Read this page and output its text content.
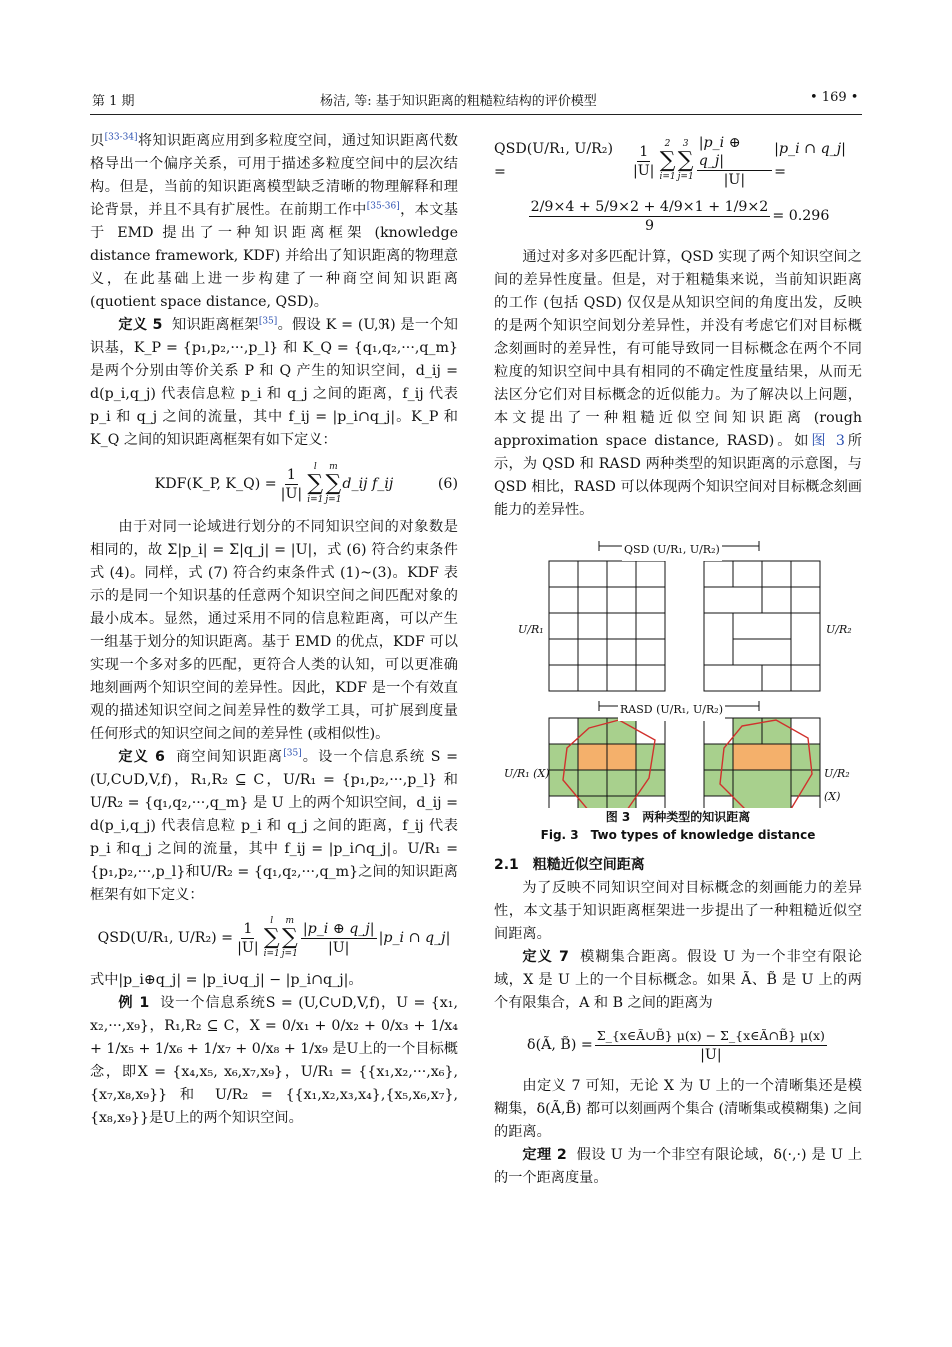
第 1 期	杨洁, 等: 基于知识距离的粗糙粒结构的评价模型	• 169 •

贝[33-34]将知识距离应用到多粒度空间，通过知识距离代数格导出一个偏序关系，可用于描述多粒度空间中的层次结构。但是，当前的知识距离模型缺乏清晰的物理解释和理论背景，并且不具有扩展性。在前期工作中[35-36]，本文基于 EMD 提出了一种知识距离框架 (knowledge distance framework, KDF) 并给出了知识距离的物理意义，在此基础上进一步构建了一种商空间知识距离 (quotient space distance, QSD)。

定义 5 知识距离框架[35]。假设 K = (U,ℜ) 是一个知识基，K_P = {p₁,p₂,···,p_l} 和 K_Q = {q₁,q₂,···,q_m} 是两个分别由等价关系 P 和 Q 产生的知识空间，d_ij = d(p_i,q_j) 代表信息粒 p_i 和 q_j 之间的距离，f_ij 代表 p_i 和 q_j 之间的流量，其中 f_ij = |p_i∩q_j|。K_P 和 K_Q 之间的知识距离框架有如下定义：

KDF(K_P, K_Q) = $\frac{1}{|U|}$ l
∑
i=1
m
∑
j=1
d_ij f_ij	(6)

由于对同一论域进行划分的不同知识空间的对象数是相同的，故 Σ|p_i| = Σ|q_j| = |U|，式 (6) 符合约束条件式 (4)。同样，式 (7) 符合约束条件式 (1)~(3)。KDF 表示的是同一个知识基的任意两个知识空间之间匹配对象的最小成本。显然，通过采用不同的信息粒距离，可以产生一组基于划分的知识距离。基于 EMD 的优点，KDF 可以实现一个多对多的匹配，更符合人类的认知，可以更准确地刻画两个知识空间的差异性。因此，KDF 是一个有效直观的描述知识空间之间差异性的数学工具，可扩展到度量任何形式的知识空间之间的差异性 (或相似性)。

定义 6 商空间知识距离[35]。设一个信息系统 S = (U,C∪D,V,f)，R₁,R₂ ⊆ C，U/R₁ = {p₁,p₂,···,p_l} 和 U/R₂ = {q₁,q₂,···,q_m} 是 U 上的两个知识空间，d_ij = d(p_i,q_j) 代表信息粒 p_i 和 q_j 之间的距离，f_ij 代表 p_i 和q_j 之间的流量，其中 f_ij = |p_i∩q_j|。U/R₁ = {p₁,p₂,···,p_l}和U/R₂ = {q₁,q₂,···,q_m}之间的知识距离框架有如下定义：

QSD(U/R₁, $U/R_2) = \frac{1}{|U|}$ l
∑
i=1
m
∑
$j=1 \frac{|p\_i \oplus q\_j|}{|U|}$ |p_i ∩ q_j|

式中|p_i⊕q_j| = |p_i∪q_j| − |p_i∩q_j|。

例 1 设一个信息系统S = (U,C∪D,V,f)，U = {x₁, x₂,···,x₉}，R₁,R₂ ⊆ C，X = 0/x₁ + 0/x₂ + 0/x₃ + 1/x₄ + 1/x₅ + 1/x₆ + 1/x₇ + 0/x₈ + 1/x₉ 是U上的一个目标概念，即X = {x₄,x₅, x₆,x₇,x₉}，U/R₁ = {{x₁,x₂,···,x₆},{x₇,x₈,x₉}} 和 U/R₂ = {{x₁,x₂,x₃,x₄},{x₅,x₆,x₇},{x₈,x₉}}是U上的两个知识空间。

QSD(U/R₁, U/R₂) =	$\frac{1}{|U|} 2$
∑
i=1
3
∑
$j=1 \frac{|p\_i \oplus q\_j|}{|U|}$ |p_i ∩ q_j| =
$\frac{2/9\times 4 + 5/9\times 2 + 4/9\times 1 + 1/9\times 2}{9} = 0.296$

通过对多对多匹配计算，QSD 实现了两个知识空间之间的差异性度量。但是，对于粗糙集来说，当前知识距离的工作 (包括 QSD) 仅仅是从知识空间的角度出发，反映的是两个知识空间划分差异性，并没有考虑它们对目标概念刻画时的差异性，有可能导致同一目标概念在两个不同粒度的知识空间中具有相同的不确定性度量结果，从而无法区分它们对目标概念的近似能力。为了解决以上问题，本文提出了一种粗糙近似空间知识距离 (rough approximation space distance, RASD)。如图 3所示，为 QSD 和 RASD 两种类型的知识距离的示意图，与 QSD 相比，RASD 可以体现两个知识空间对目标概念刻画能力的差异性。

QSD (U/R₁, U/R₂)
RASD (U/R₁, U/R₂)
U/R₁	U/R₂
U/R₁ (X)	U/R₂ (X)
图 3　两种类型的知识距离
Fig. 3　Two types of knowledge distance

2.1　粗糙近似空间距离

为了反映不同知识空间对目标概念的刻画能力的差异性，本文基于知识距离框架进一步提出了一种粗糙近似空间距离。

定义 7 模糊集合距离。假设 U 为一个非空有限论域，X 是 U 上的一个目标概念。如果 Ã、B̃ 是 U 上的两个有限集合，A 和 B 之间的距离为

δ(Ã, B̃) = $\frac{\Sigma\_\{x\in Ã\cup B̃\} \mu(x) - \Sigma\_\{x\in Ã\cap B̃\} \mu(x)}{|U|}$

由定义 7 可知，无论 X 为 U 上的一个清晰集还是模糊集，δ(Ã,B̃) 都可以刻画两个集合 (清晰集或模糊集) 之间的距离。

定理 2 假设 U 为一个非空有限论域，δ(·,·) 是 U 上的一个距离度量。
